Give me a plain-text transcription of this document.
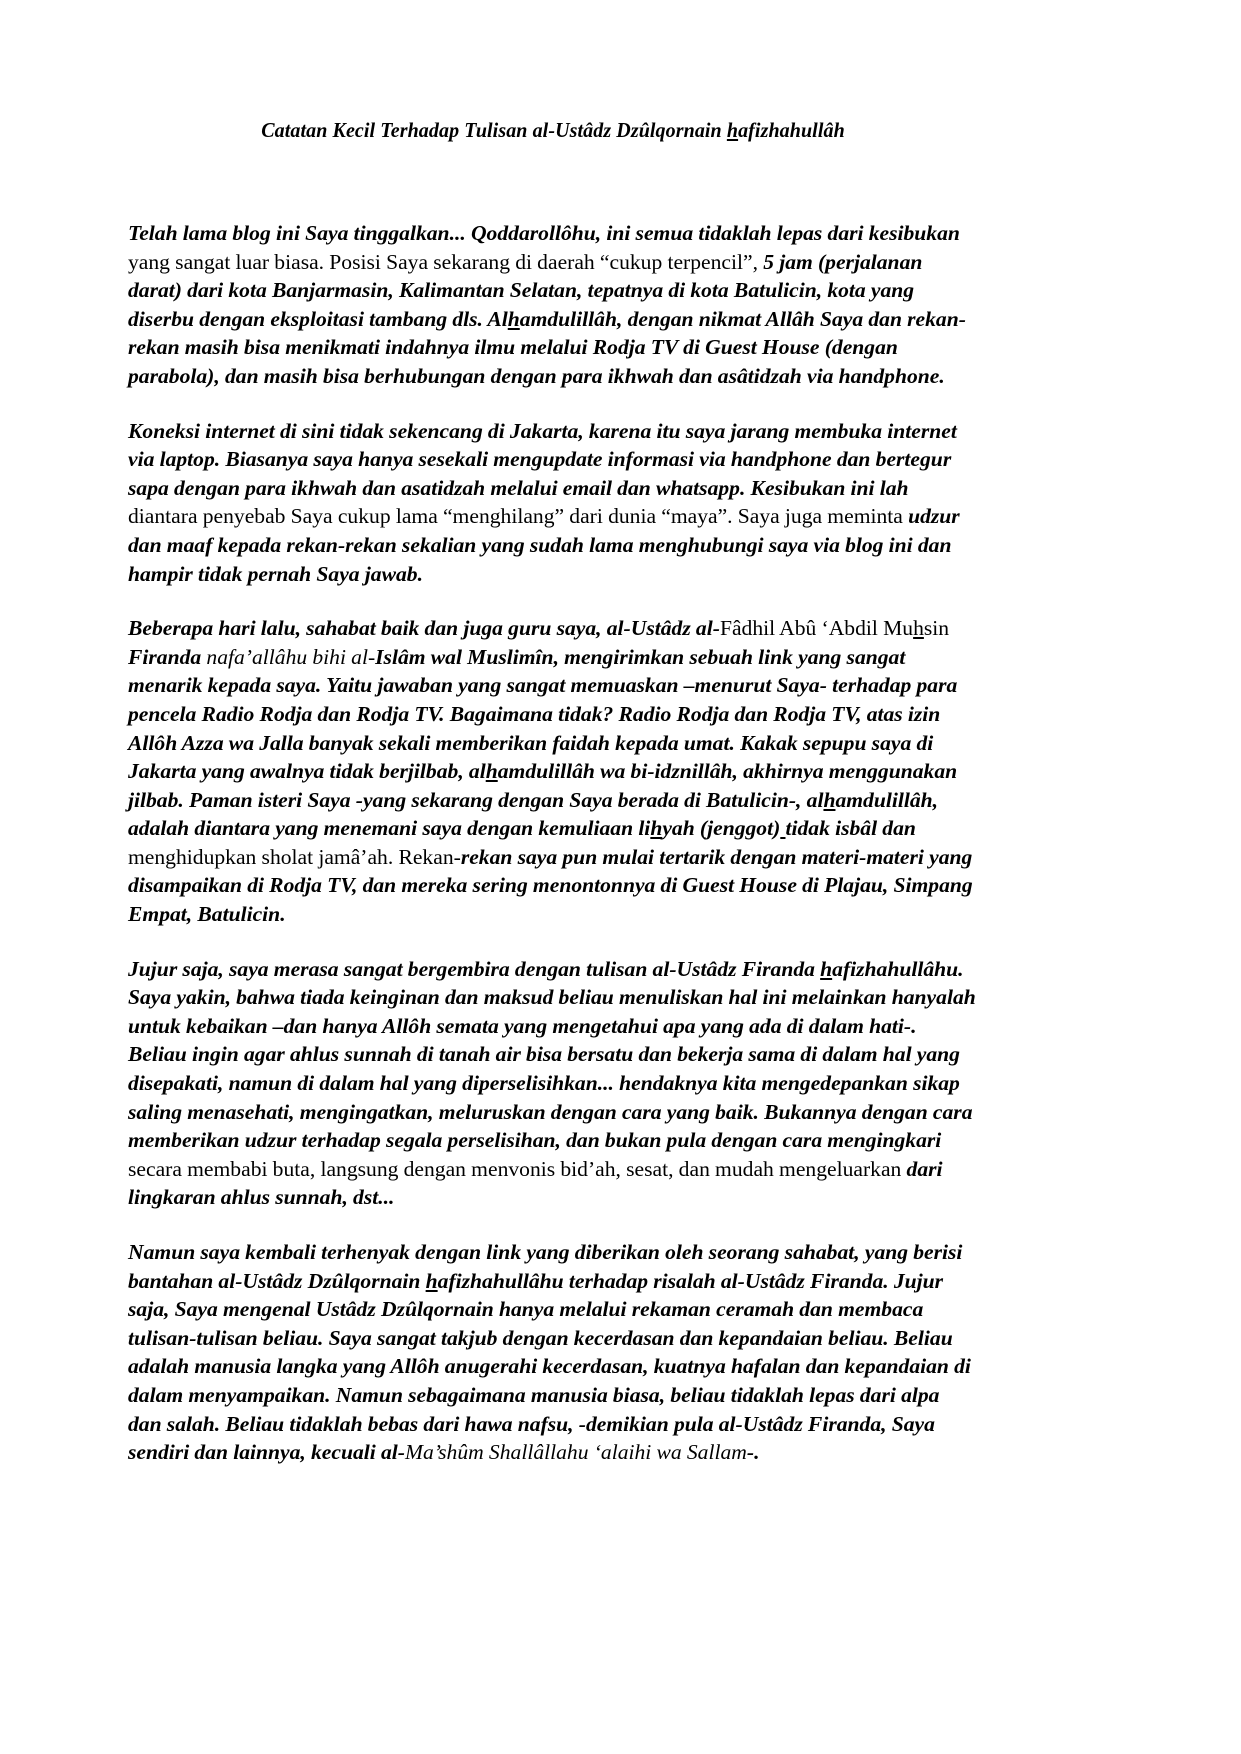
Catatan Kecil Terhadap Tulisan al-Ustâdz Dzûlqornain hafizhahullâh

Telah lama blog ini Saya tinggalkan... Qoddarollôhu, ini semua tidaklah lepas dari kesibukan yang sangat luar biasa. Posisi Saya sekarang di daerah “cukup terpencil”, 5 jam (perjalanan darat) dari kota Banjarmasin, Kalimantan Selatan, tepatnya di kota Batulicin, kota yang diserbu dengan eksploitasi tambang dls. Alhamdulillâh, dengan nikmat Allâh Saya dan rekan-rekan masih bisa menikmati indahnya ilmu melalui Rodja TV di Guest House (dengan parabola), dan masih bisa berhubungan dengan para ikhwah dan asâtidzah via handphone.

Koneksi internet di sini tidak sekencang di Jakarta, karena itu saya jarang membuka internet via laptop. Biasanya saya hanya sesekali mengupdate informasi via handphone dan bertegur sapa dengan para ikhwah dan asatidzah melalui email dan whatsapp. Kesibukan ini lah diantara penyebab Saya cukup lama “menghilang” dari dunia “maya”. Saya juga meminta udzur dan maaf kepada rekan-rekan sekalian yang sudah lama menghubungi saya via blog ini dan hampir tidak pernah Saya jawab.

Beberapa hari lalu, sahabat baik dan juga guru saya, al-Ustâdz al-Fâdhil Abû ‘Abdil Muhsin Firanda nafa’allâhu bihi al-Islâm wal Muslimîn, mengirimkan sebuah link yang sangat menarik kepada saya. Yaitu jawaban yang sangat memuaskan –menurut Saya- terhadap para pencela Radio Rodja dan Rodja TV. Bagaimana tidak? Radio Rodja dan Rodja TV, atas izin Allôh Azza wa Jalla banyak sekali memberikan faidah kepada umat. Kakak sepupu saya di Jakarta yang awalnya tidak berjilbab, alhamdulillâh wa bi-idznillâh, akhirnya menggunakan jilbab. Paman isteri Saya -yang sekarang dengan Saya berada di Batulicin-, alhamdulillâh, adalah diantara yang menemani saya dengan kemuliaan lihyah (jenggot) tidak isbâl dan menghidupkan sholat jamâ’ah. Rekan-rekan saya pun mulai tertarik dengan materi-materi yang disampaikan di Rodja TV, dan mereka sering menontonnya di Guest House di Plajau, Simpang Empat, Batulicin.

Jujur saja, saya merasa sangat bergembira dengan tulisan al-Ustâdz Firanda hafizhahullâhu. Saya yakin, bahwa tiada keinginan dan maksud beliau menuliskan hal ini melainkan hanyalah untuk kebaikan –dan hanya Allôh semata yang mengetahui apa yang ada di dalam hati-. Beliau ingin agar ahlus sunnah di tanah air bisa bersatu dan bekerja sama di dalam hal yang disepakati, namun di dalam hal yang diperselisihkan... hendaknya kita mengedepankan sikap saling menasehati, mengingatkan, meluruskan dengan cara yang baik. Bukannya dengan cara memberikan udzur terhadap segala perselisihan, dan bukan pula dengan cara mengingkari secara membabi buta, langsung dengan menvonis bid’ah, sesat, dan mudah mengeluarkan dari lingkaran ahlus sunnah, dst...

Namun saya kembali terhenyak dengan link yang diberikan oleh seorang sahabat, yang berisi bantahan al-Ustâdz Dzûlqornain hafizhahullâhu terhadap risalah al-Ustâdz Firanda. Jujur saja, Saya mengenal Ustâdz Dzûlqornain hanya melalui rekaman ceramah dan membaca tulisan-tulisan beliau. Saya sangat takjub dengan kecerdasan dan kepandaian beliau. Beliau adalah manusia langka yang Allôh anugerahi kecerdasan, kuatnya hafalan dan kepandaian di dalam menyampaikan. Namun sebagaimana manusia biasa, beliau tidaklah lepas dari alpa dan salah. Beliau tidaklah bebas dari hawa nafsu, -demikian pula al-Ustâdz Firanda, Saya sendiri dan lainnya, kecuali al-Ma’shûm Shallâllahu ‘alaihi wa Sallam-.
